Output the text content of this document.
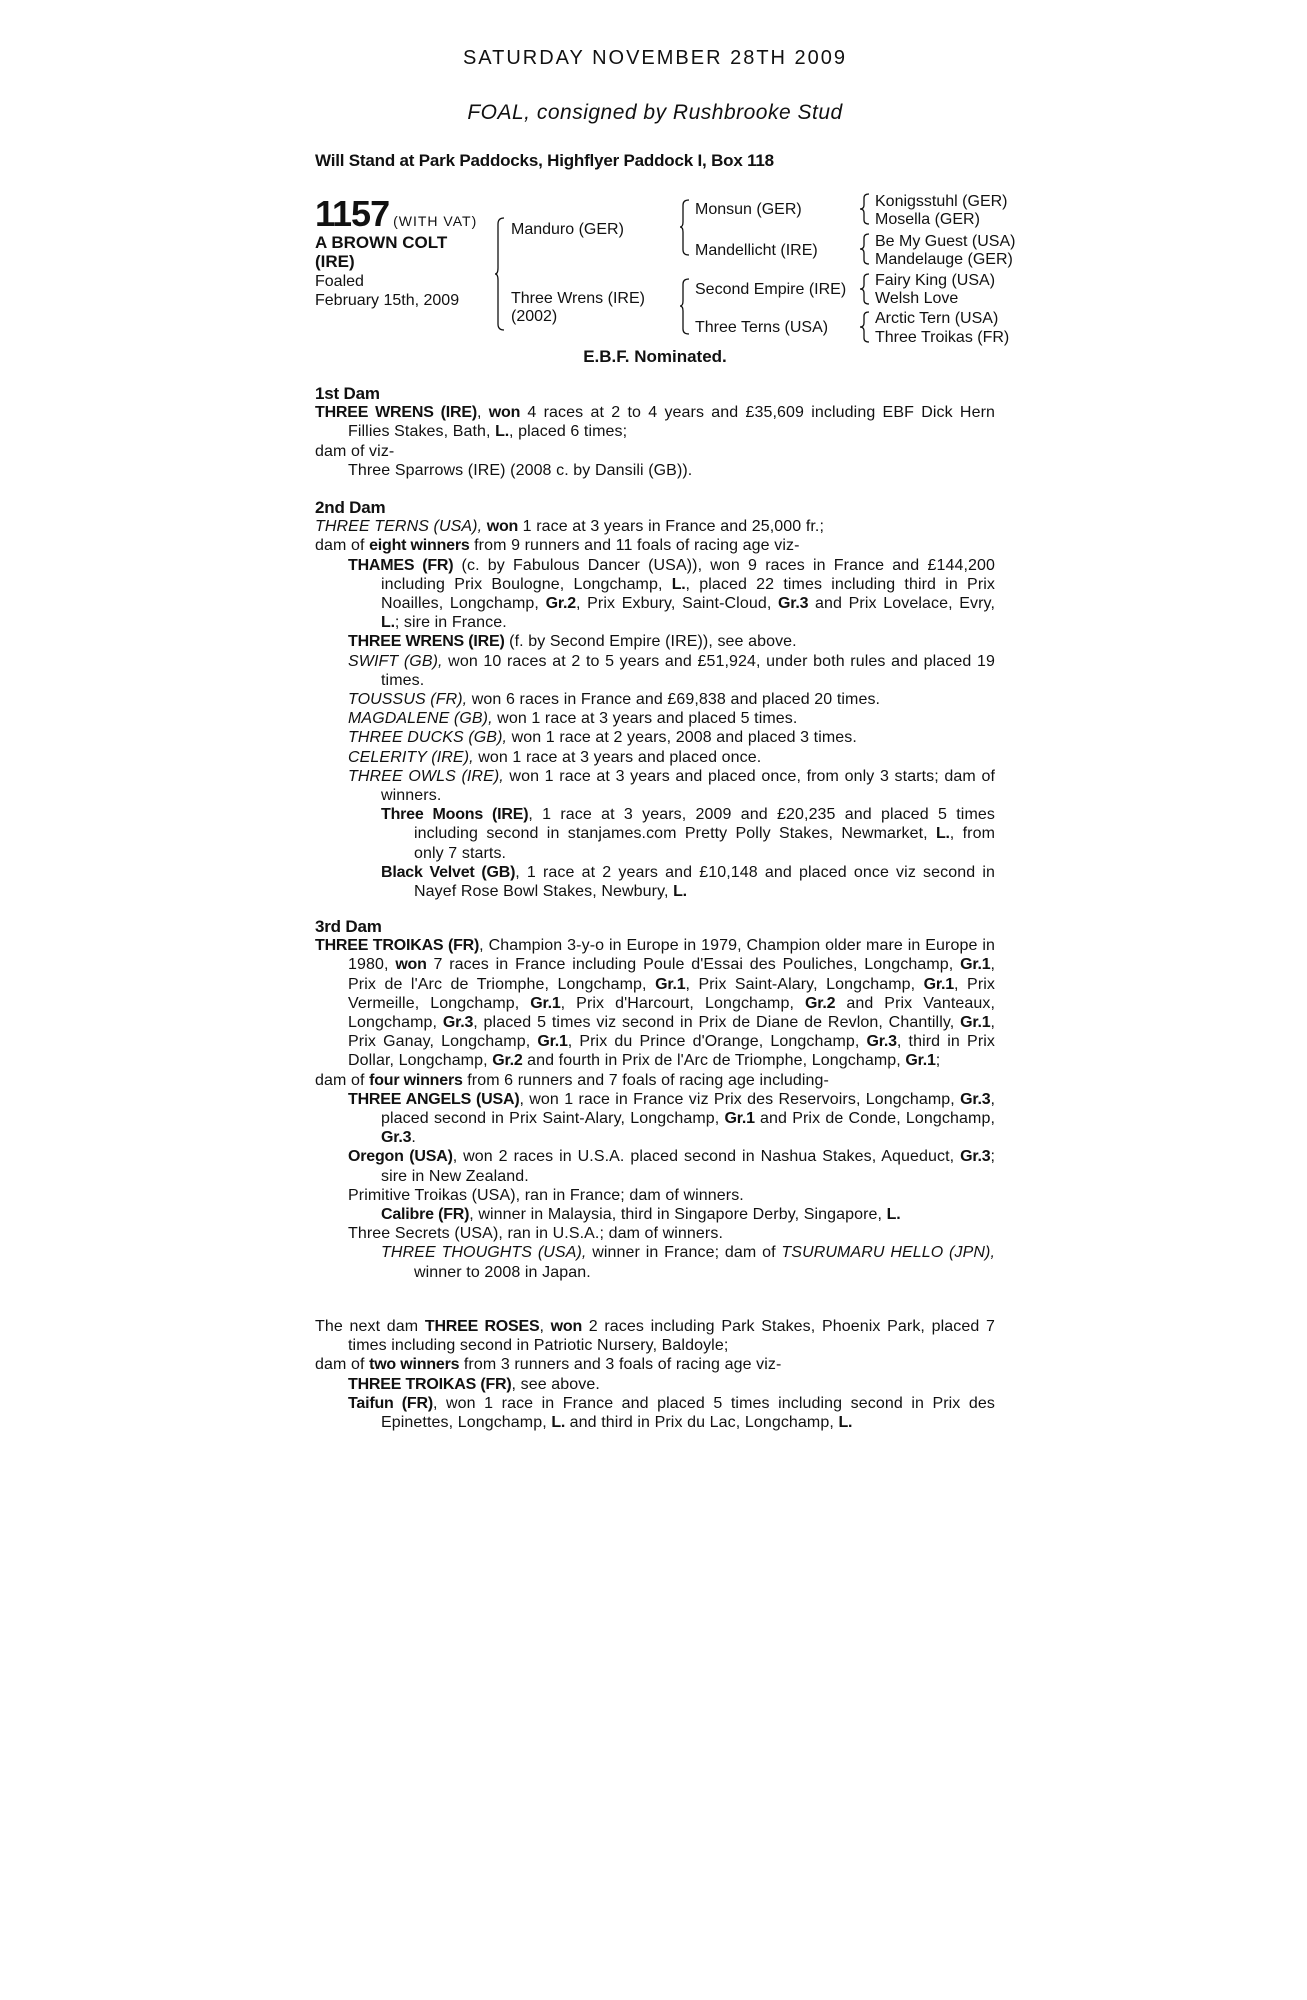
SATURDAY NOVEMBER 28TH 2009
FOAL, consigned by Rushbrooke Stud
Will Stand at Park Paddocks, Highflyer Paddock I, Box 118
1157 (WITH VAT)
A BROWN COLT
(IRE)
Foaled
February 15th, 2009
Manduro (GER)
Three Wrens (IRE)
(2002)
Monsun (GER)
Mandellicht (IRE)
Second Empire (IRE)
Three Terns (USA)
Konigsstuhl (GER)
Mosella (GER)
Be My Guest (USA)
Mandelauge (GER)
Fairy King (USA)
Welsh Love
Arctic Tern (USA)
Three Troikas (FR)
E.B.F. Nominated.
1st Dam

THREE WRENS (IRE), won 4 races at 2 to 4 years and £35,609 including EBF Dick Hern Fillies Stakes, Bath, L., placed 6 times;

dam of viz-

Three Sparrows (IRE) (2008 c. by Dansili (GB)).

2nd Dam

THREE TERNS (USA), won 1 race at 3 years in France and 25,000 fr.;

dam of eight winners from 9 runners and 11 foals of racing age viz-

THAMES (FR) (c. by Fabulous Dancer (USA)), won 9 races in France and £144,200 including Prix Boulogne, Longchamp, L., placed 22 times including third in Prix Noailles, Longchamp, Gr.2, Prix Exbury, Saint-Cloud, Gr.3 and Prix Lovelace, Evry, L.; sire in France.

THREE WRENS (IRE) (f. by Second Empire (IRE)), see above.

SWIFT (GB), won 10 races at 2 to 5 years and £51,924, under both rules and placed 19 times.

TOUSSUS (FR), won 6 races in France and £69,838 and placed 20 times.

MAGDALENE (GB), won 1 race at 3 years and placed 5 times.

THREE DUCKS (GB), won 1 race at 2 years, 2008 and placed 3 times.

CELERITY (IRE), won 1 race at 3 years and placed once.

THREE OWLS (IRE), won 1 race at 3 years and placed once, from only 3 starts; dam of winners.

Three Moons (IRE), 1 race at 3 years, 2009 and £20,235 and placed 5 times including second in stanjames.com Pretty Polly Stakes, Newmarket, L., from only 7 starts.

Black Velvet (GB), 1 race at 2 years and £10,148 and placed once viz second in Nayef Rose Bowl Stakes, Newbury, L.

3rd Dam

THREE TROIKAS (FR), Champion 3-y-o in Europe in 1979, Champion older mare in Europe in 1980, won 7 races in France including Poule d'Essai des Pouliches, Longchamp, Gr.1, Prix de l'Arc de Triomphe, Longchamp, Gr.1, Prix Saint-Alary, Longchamp, Gr.1, Prix Vermeille, Longchamp, Gr.1, Prix d'Harcourt, Longchamp, Gr.2 and Prix Vanteaux, Longchamp, Gr.3, placed 5 times viz second in Prix de Diane de Revlon, Chantilly, Gr.1, Prix Ganay, Longchamp, Gr.1, Prix du Prince d'Orange, Longchamp, Gr.3, third in Prix Dollar, Longchamp, Gr.2 and fourth in Prix de l'Arc de Triomphe, Longchamp, Gr.1;

dam of four winners from 6 runners and 7 foals of racing age including-

THREE ANGELS (USA), won 1 race in France viz Prix des Reservoirs, Longchamp, Gr.3, placed second in Prix Saint-Alary, Longchamp, Gr.1 and Prix de Conde, Longchamp, Gr.3.

Oregon (USA), won 2 races in U.S.A. placed second in Nashua Stakes, Aqueduct, Gr.3; sire in New Zealand.

Primitive Troikas (USA), ran in France; dam of winners.

Calibre (FR), winner in Malaysia, third in Singapore Derby, Singapore, L.

Three Secrets (USA), ran in U.S.A.; dam of winners.

THREE THOUGHTS (USA), winner in France; dam of TSURUMARU HELLO (JPN), winner to 2008 in Japan.

The next dam THREE ROSES, won 2 races including Park Stakes, Phoenix Park, placed 7 times including second in Patriotic Nursery, Baldoyle;

dam of two winners from 3 runners and 3 foals of racing age viz-

THREE TROIKAS (FR), see above.

Taifun (FR), won 1 race in France and placed 5 times including second in Prix des Epinettes, Longchamp, L. and third in Prix du Lac, Longchamp, L.
